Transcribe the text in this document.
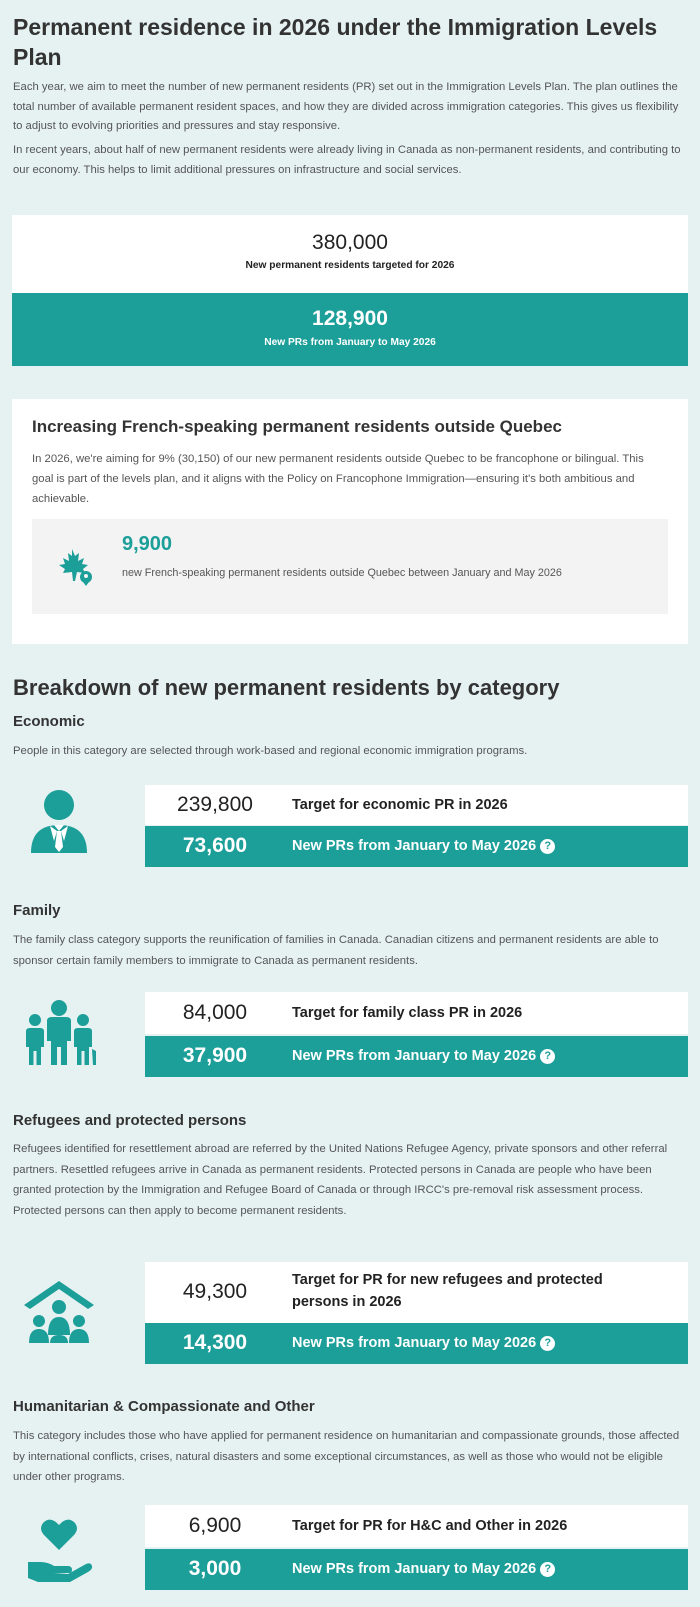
Permanent residence in 2026 under the Immigration Levels Plan

Each year, we aim to meet the number of new permanent residents (PR) set out in the Immigration Levels Plan. The plan outlines the total number of available permanent resident spaces, and how they are divided across immigration categories. This gives us flexibility to adjust to evolving priorities and pressures and stay responsive.

In recent years, about half of new permanent residents were already living in Canada as non-permanent residents, and contributing to our economy. This helps to limit additional pressures on infrastructure and social services.

380,000
New permanent residents targeted for 2026
128,900
New PRs from January to May 2026
Increasing French-speaking permanent residents outside Quebec

In 2026, we're aiming for 9% (30,150) of our new permanent residents outside Quebec to be francophone or bilingual. This goal is part of the levels plan, and it aligns with the Policy on Francophone Immigration—ensuring it's both ambitious and achievable.

9,900
new French-speaking permanent residents outside Quebec between January and May 2026
Breakdown of new permanent residents by category
Economic

People in this category are selected through work-based and regional economic immigration programs.

239,800	Target for economic PR in 2026
73,600	New PRs from January to May 2026 ?
Family

The family class category supports the reunification of families in Canada. Canadian citizens and permanent residents are able to sponsor certain family members to immigrate to Canada as permanent residents.

84,000	Target for family class PR in 2026
37,900	New PRs from January to May 2026 ?
Refugees and protected persons

Refugees identified for resettlement abroad are referred by the United Nations Refugee Agency, private sponsors and other referral partners. Resettled refugees arrive in Canada as permanent residents. Protected persons in Canada are people who have been granted protection by the Immigration and Refugee Board of Canada or through IRCC's pre-removal risk assessment process. Protected persons can then apply to become permanent residents.

49,300	Target for PR for new refugees and protected persons in 2026
14,300	New PRs from January to May 2026 ?
Humanitarian & Compassionate and Other

This category includes those who have applied for permanent residence on humanitarian and compassionate grounds, those affected by international conflicts, crises, natural disasters and some exceptional circumstances, as well as those who would not be eligible under other programs.

6,900	Target for PR for H&C and Other in 2026
3,000	New PRs from January to May 2026 ?
